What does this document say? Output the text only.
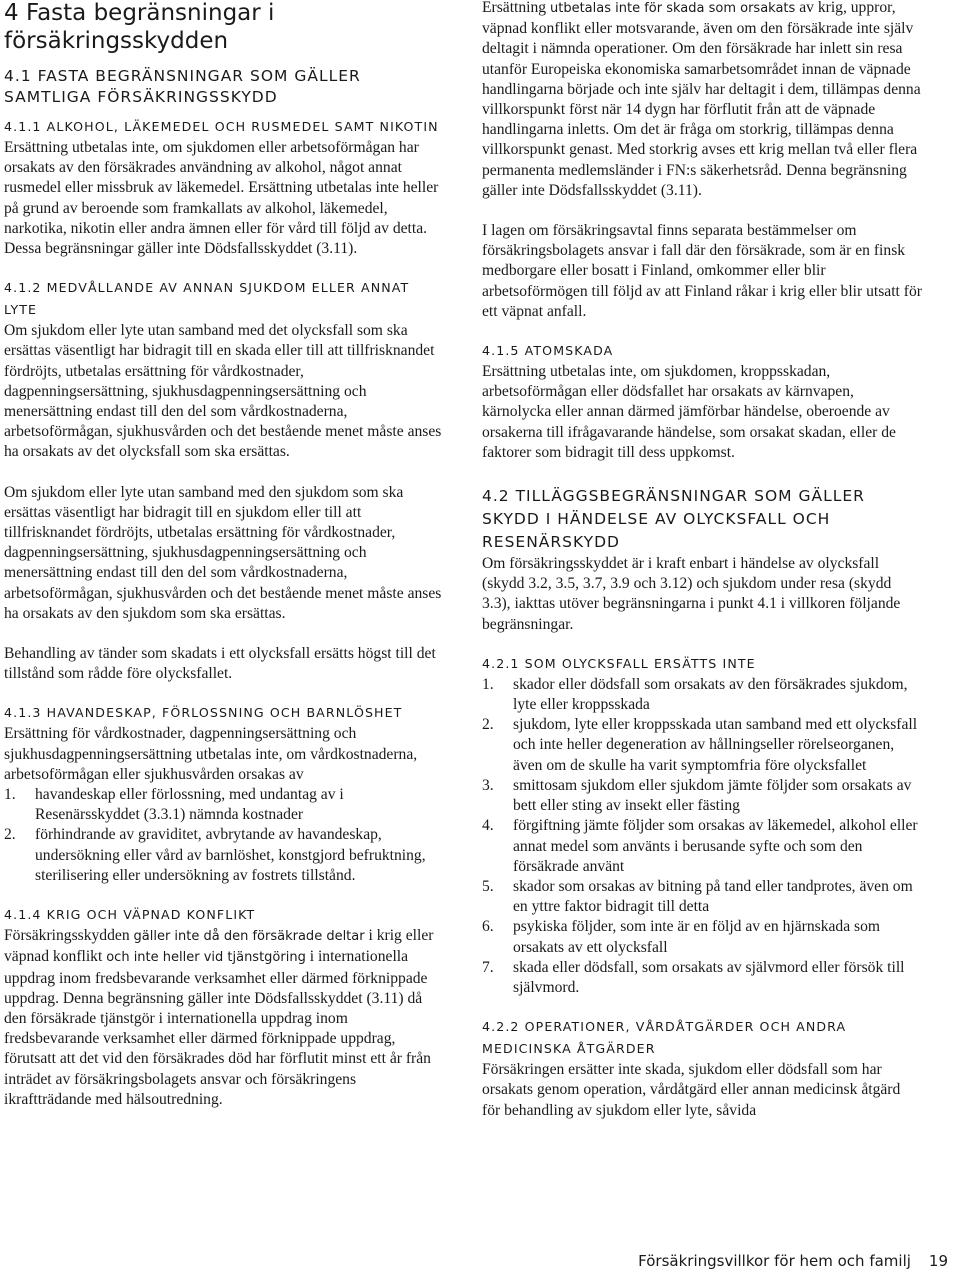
4 Fasta begränsningar i försäkringsskydden
4.1 FASTA BEGRÄNSNINGAR SOM GÄLLER SAMTLIGA FÖRSÄKRINGSSKYDD
4.1.1 ALKOHOL, LÄKEMEDEL OCH RUSMEDEL SAMT NIKOTIN

Ersättning utbetalas inte, om sjukdomen eller arbetsoförmågan har orsakats av den försäkrades användning av alkohol, något annat rusmedel eller missbruk av läkemedel. Ersättning utbetalas inte heller på grund av beroende som framkallats av alkohol, läkemedel, narkotika, nikotin eller andra ämnen eller för vård till följd av detta. Dessa begränsningar gäller inte Dödsfallsskyddet (3.11).

4.1.2 MEDVÅLLANDE AV ANNAN SJUKDOM ELLER ANNAT LYTE

Om sjukdom eller lyte utan samband med det olycksfall som ska ersättas väsentligt har bidragit till en skada eller till att tillfrisknandet fördröjts, utbetalas ersättning för vårdkostnader, dagpenningsersättning, sjukhusdagpenningsersättning och menersättning endast till den del som vårdkostnaderna, arbetsoförmågan, sjukhusvården och det bestående menet måste anses ha orsakats av det olycksfall som ska ersättas.

Om sjukdom eller lyte utan samband med den sjukdom som ska ersättas väsentligt har bidragit till en sjukdom eller till att tillfrisknandet fördröjts, utbetalas ersättning för vårdkostnader, dagpenningsersättning, sjukhusdagpenningsersättning och menersättning endast till den del som vårdkostnaderna, arbetsoförmågan, sjukhusvården och det bestående menet måste anses ha orsakats av den sjukdom som ska ersättas.

Behandling av tänder som skadats i ett olycksfall ersätts högst till det tillstånd som rådde före olycksfallet.

4.1.3 HAVANDESKAP, FÖRLOSSNING OCH BARNLÖSHET

Ersättning för vårdkostnader, dagpenningsersättning och sjukhusdagpenningsersättning utbetalas inte, om vårdkostnaderna, arbetsoförmågan eller sjukhusvården orsakas av

1. havandeskap eller förlossning, med undantag av i Resenärsskyddet (3.3.1) nämnda kostnader
2. förhindrande av graviditet, avbrytande av havandeskap, undersökning eller vård av barnlöshet, konstgjord befruktning, sterilisering eller undersökning av fostrets tillstånd.
4.1.4 KRIG OCH VÄPNAD KONFLIKT

Försäkringsskydden gäller inte då den försäkrade deltar i krig eller väpnad konflikt och inte heller vid tjänstgöring i internationella uppdrag inom fredsbevarande verksamhet eller därmed förknippade uppdrag. Denna begränsning gäller inte Dödsfallsskyddet (3.11) då den försäkrade tjänstgör i internationella uppdrag inom fredsbevarande verksamhet eller därmed förknippade uppdrag, förutsatt att det vid den försäkrades död har förflutit minst ett år från inträdet av försäkringsbolagets ansvar och försäkringens ikraftträdande med hälsoutredning.

Ersättning utbetalas inte för skada som orsakats av krig, uppror, väpnad konflikt eller motsvarande, även om den försäkrade inte själv deltagit i nämnda operationer. Om den försäkrade har inlett sin resa utanför Europeiska ekonomiska samarbetsområdet innan de väpnade handlingarna började och inte själv har deltagit i dem, tillämpas denna villkorspunkt först när 14 dygn har förflutit från att de väpnade handlingarna inletts. Om det är fråga om storkrig, tillämpas denna villkorspunkt genast. Med storkrig avses ett krig mellan två eller flera permanenta medlemsländer i FN:s säkerhetsråd. Denna begränsning gäller inte Dödsfallsskyddet (3.11).

I lagen om försäkringsavtal finns separata bestämmelser om försäkringsbolagets ansvar i fall där den försäkrade, som är en finsk medborgare eller bosatt i Finland, omkommer eller blir arbetsoförmögen till följd av att Finland råkar i krig eller blir utsatt för ett väpnat anfall.

4.1.5 ATOMSKADA

Ersättning utbetalas inte, om sjukdomen, kroppsskadan, arbetsoförmågan eller dödsfallet har orsakats av kärnvapen, kärnolycka eller annan därmed jämförbar händelse, oberoende av orsakerna till ifrågavarande händelse, som orsakat skadan, eller de faktorer som bidragit till dess uppkomst.

4.2 TILLÄGGSBEGRÄNSNINGAR SOM GÄLLER SKYDD I HÄNDELSE AV OLYCKSFALL OCH RESENÄRSKYDD

Om försäkringsskyddet är i kraft enbart i händelse av olycksfall (skydd 3.2, 3.5, 3.7, 3.9 och 3.12) och sjukdom under resa (skydd 3.3), iakttas utöver begränsningarna i punkt 4.1 i villkoren följande begränsningar.

4.2.1 SOM OLYCKSFALL ERSÄTTS INTE
1. skador eller dödsfall som orsakats av den försäkrades sjukdom, lyte eller kroppsskada
2. sjukdom, lyte eller kroppsskada utan samband med ett olycksfall och inte heller degeneration av hållningseller rörelseorganen, även om de skulle ha varit symptomfria före olycksfallet
3. smittosam sjukdom eller sjukdom jämte följder som orsakats av bett eller sting av insekt eller fästing
4. förgiftning jämte följder som orsakas av läkemedel, alkohol eller annat medel som använts i berusande syfte och som den försäkrade använt
5. skador som orsakas av bitning på tand eller tandprotes, även om en yttre faktor bidragit till detta
6. psykiska följder, som inte är en följd av en hjärnskada som orsakats av ett olycksfall
7. skada eller dödsfall, som orsakats av självmord eller försök till självmord.
4.2.2 OPERATIONER, VÅRDÅTGÄRDER OCH ANDRA MEDICINSKA ÅTGÄRDER

Försäkringen ersätter inte skada, sjukdom eller dödsfall som har orsakats genom operation, vårdåtgärd eller annan medicinsk åtgärd för behandling av sjukdom eller lyte, såvida

Försäkringsvillkor för hem och familj 19
